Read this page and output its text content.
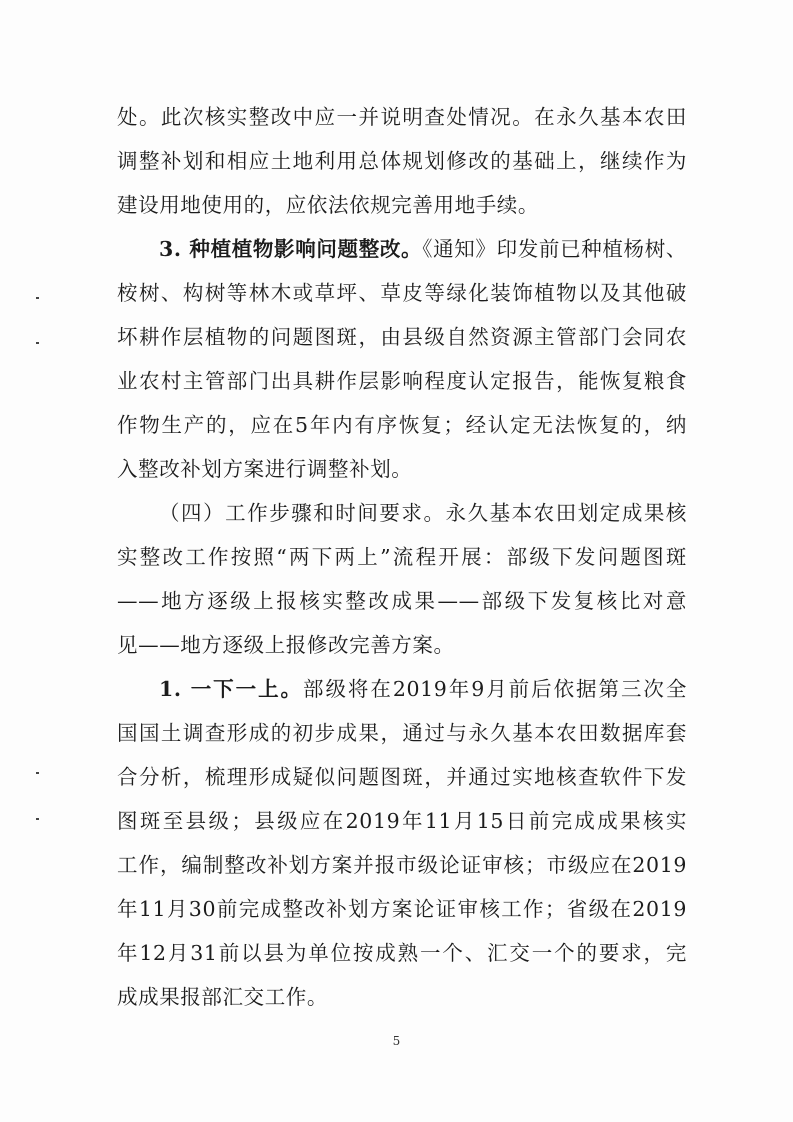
处。此次核实整改中应一并说明查处情况。在永久基本农田
调整补划和相应土地利用总体规划修改的基础上，继续作为
建设用地使用的，应依法依规完善用地手续。
3. 种植植物影响问题整改。《通知》印发前已种植杨树、
桉树、构树等林木或草坪、草皮等绿化装饰植物以及其他破
坏耕作层植物的问题图斑，由县级自然资源主管部门会同农
业农村主管部门出具耕作层影响程度认定报告，能恢复粮食
作物生产的，应在5年内有序恢复；经认定无法恢复的，纳
入整改补划方案进行调整补划。
（四）工作步骤和时间要求。永久基本农田划定成果核
实整改工作按照“两下两上”流程开展：部级下发问题图斑
——地方逐级上报核实整改成果——部级下发复核比对意
见——地方逐级上报修改完善方案。
1. 一下一上。部级将在2019年9月前后依据第三次全
国国土调查形成的初步成果，通过与永久基本农田数据库套
合分析，梳理形成疑似问题图斑，并通过实地核查软件下发
图斑至县级；县级应在2019年11月15日前完成成果核实
工作，编制整改补划方案并报市级论证审核；市级应在2019
年11月30前完成整改补划方案论证审核工作；省级在2019
年12月31前以县为单位按成熟一个、汇交一个的要求，完
成成果报部汇交工作。
5
